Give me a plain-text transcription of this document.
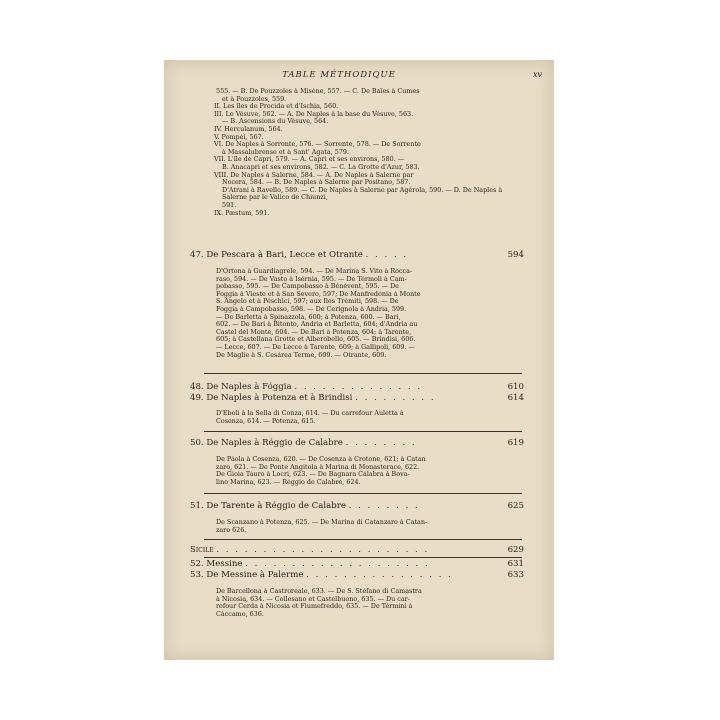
TABLE MÉTHODIQUE	xv
555. — B. De Pouzzoles à Misène, 557. — C. De Baïes à Cumes
et à Pouzzoles, 559.
II. Les îles de Procida et d'Ischia, 560.
III. Le Vésuve, 562. — A. De Naples à la base du Vésuve, 563.
— B. Ascensions du Vésuve, 564.
IV. Herculanum, 564.
V. Pompéi, 567.
VI. De Naples à Sorrente, 576. — Sorrente, 578. — De Sorrente
à Massalubrense et à Sant' Agata, 579.
VII. L'île de Capri, 579. — A. Capri et ses environs, 580. —
B. Anacapri et ses environs, 582. — C. La Grotte d'Azur, 583.
VIII. De Naples à Salerne, 584. — A. De Naples à Salerne par
Nocera, 584. — B. De Naples à Salerne par Positano, 587.
D'Atrani à Ravello, 589. — C. De Naples à Salerne par Agérola, 590. — D. De Naples à Salerne par le Valico de Chiunzi,
591.
IX. Pæstum, 591.
47. De Pescara à Bari, Lecce et Otrante . . . . .	594
D'Ortona à Guardiagrele, 594. — De Marina S. Vito à Rocca-
raso, 594. — De Vasto à Isérnia, 595. — De Térmoli à Cam-
pobasso, 595. — De Campobasso à Bénévent, 595. — De
Foggia à Vieste et à San Severo, 597; De Manfredónia à Monte
S. Angelo et à Péschici, 597; aux Iles Trémiti, 598. — De
Foggia à Campobasso, 598. — De Cerignola à Andria, 599.
— De Barletta à Spinazzola, 600; à Potenza, 600. — Bari,
602. — De Bari à Bitonto, Andria et Barletta, 604; d'Andria au
Castel del Monte, 604. — De Bari à Potenza, 604; à Tarente,
605; à Castellana Grotte et Alberobello, 605. — Brindisi, 606.
— Lecce, 607. — De Lecce à Tarente, 609; à Gallipoli, 609. —
De Maglie à S. Cesárea Terme, 609. — Otrante, 609.
48. De Naples à Fóggia . . . . . . . . . . . . . .	610
49. De Naples à Potenza et à Brindisi . . . . . . . . .	614
D'Éboli à la Sella di Conza, 614. — Du carrefour Auletta à
Cosenza, 614. — Potenza, 615.
50. De Naples à Réggio de Calabre . . . . . . . .	619
De Páola à Cosenza, 620. — De Cosenza à Crotone, 621; à Catan
zaro, 621. — De Ponte Angitola à Marina di Monasterace, 622.
De Gioia Táuro à Locri, 623. — De Bagnara Cálabra à Bova-
lino Marina, 623. — Réggio de Calabre, 624.
51. De Tarente à Réggio de Calabre . . . . . . . .	625
De Scanzano à Potenza, 625. — De Marina di Catanzaro à Catan-
zaro 626.
Sicile . . . . . . . . . . . . . . . . . . . . . . .	629
52. Messine . . . . . . . . . . . . . . . . . . . .	631
53. De Messine à Palerme . . . . . . . . . . . . . . . .	633
De Barcellona à Castroreale, 633. — De S. Stéfano di Camastra
à Nicosia, 634. — Collesano et Castelbuono, 635. — Du car-
refour Cerda à Nicosia et Fiumefreddo, 635. — De Términi à
Càccamo, 636.
